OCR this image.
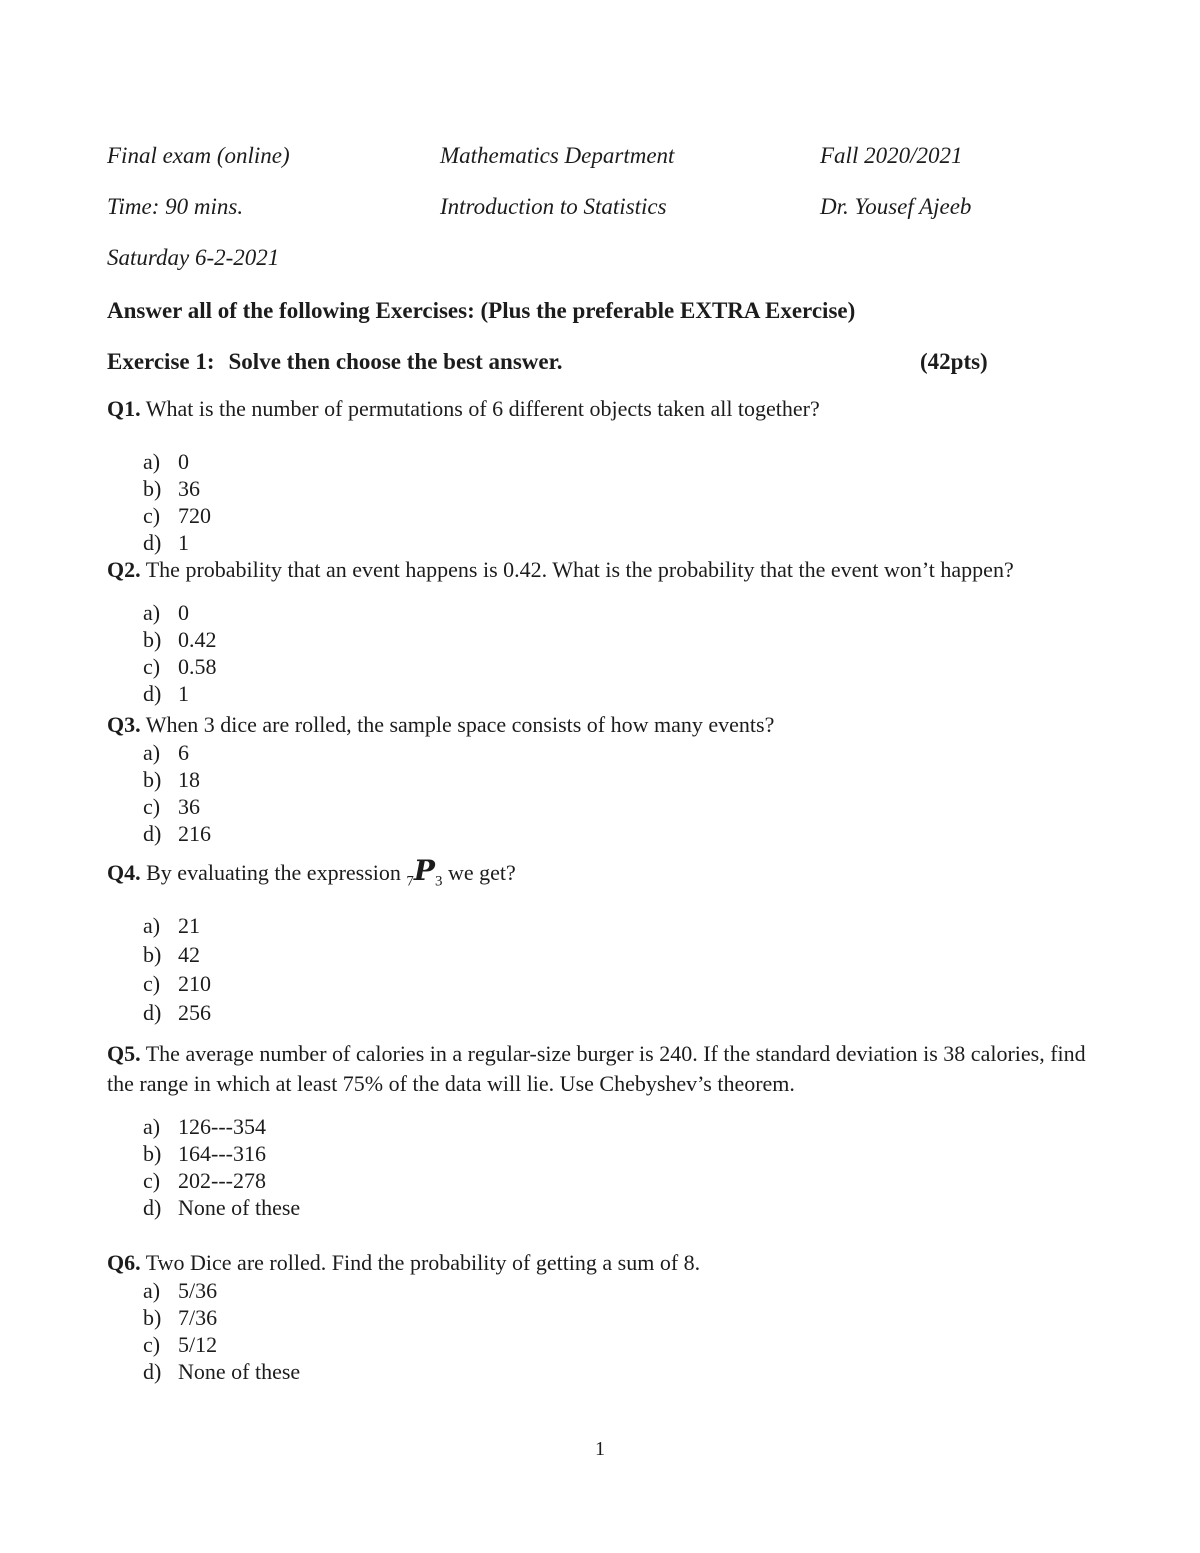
Final exam (online)	Mathematics Department	Fall 2020/2021
Time: 90 mins.	Introduction to Statistics	Dr. Yousef Ajeeb
Saturday 6-2-2021

Answer all of the following Exercises: (Plus the preferable EXTRA Exercise)

Exercise 1: Solve then choose the best answer.	(42pts)

Q1. What is the number of permutations of 6 different objects taken all together?

a) 0
b) 36
c) 720
d) 1

Q2. The probability that an event happens is 0.42. What is the probability that the event won’t happen?

a) 0
b) 0.42
c) 0.58
d) 1

Q3. When 3 dice are rolled, the sample space consists of how many events?

a) 6
b) 18
c) 36
d) 216

Q4. By evaluating the expression $_7P_3$ we get?

a) 21
b) 42
c) 210
d) 256

Q5. The average number of calories in a regular-size burger is 240. If the standard deviation is 38 calories, find the range in which at least 75% of the data will lie. Use Chebyshev’s theorem.

a) 126---354
b) 164---316
c) 202---278
d) None of these

Q6. Two Dice are rolled. Find the probability of getting a sum of 8.

a) 5/36
b) 7/36
c) 5/12
d) None of these
1
